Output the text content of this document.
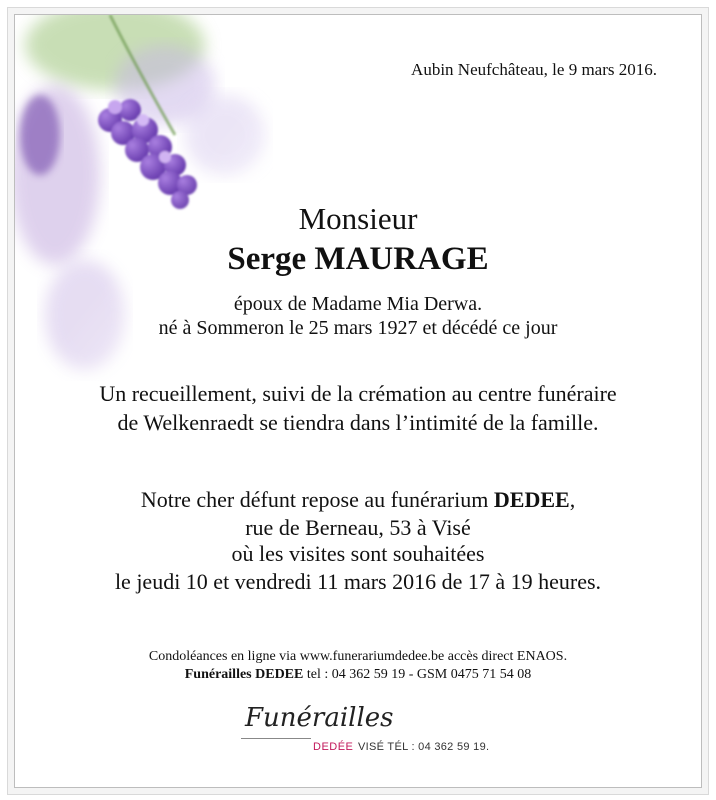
Aubin Neufchâteau, le 9 mars 2016.
Monsieur
Serge MAURAGE
époux de Madame Mia Derwa.
né à Sommeron le 25 mars 1927 et décédé ce jour
Un recueillement, suivi de la crémation au centre funéraire
de Welkenraedt se tiendra dans l’intimité de la famille.
Notre cher défunt repose au funérarium DEDEE,
rue de Berneau, 53 à Visé
où les visites sont souhaitées
le jeudi 10 et vendredi 11 mars 2016 de 17 à 19 heures.
Condoléances en ligne via www.funerariumdedee.be accès direct ENAOS.
Funérailles DEDEE tel : 04 362 59 19 - GSM 0475 71 54 08
Funérailles
DEDÉE VISÉ TÉL : 04 362 59 19.
